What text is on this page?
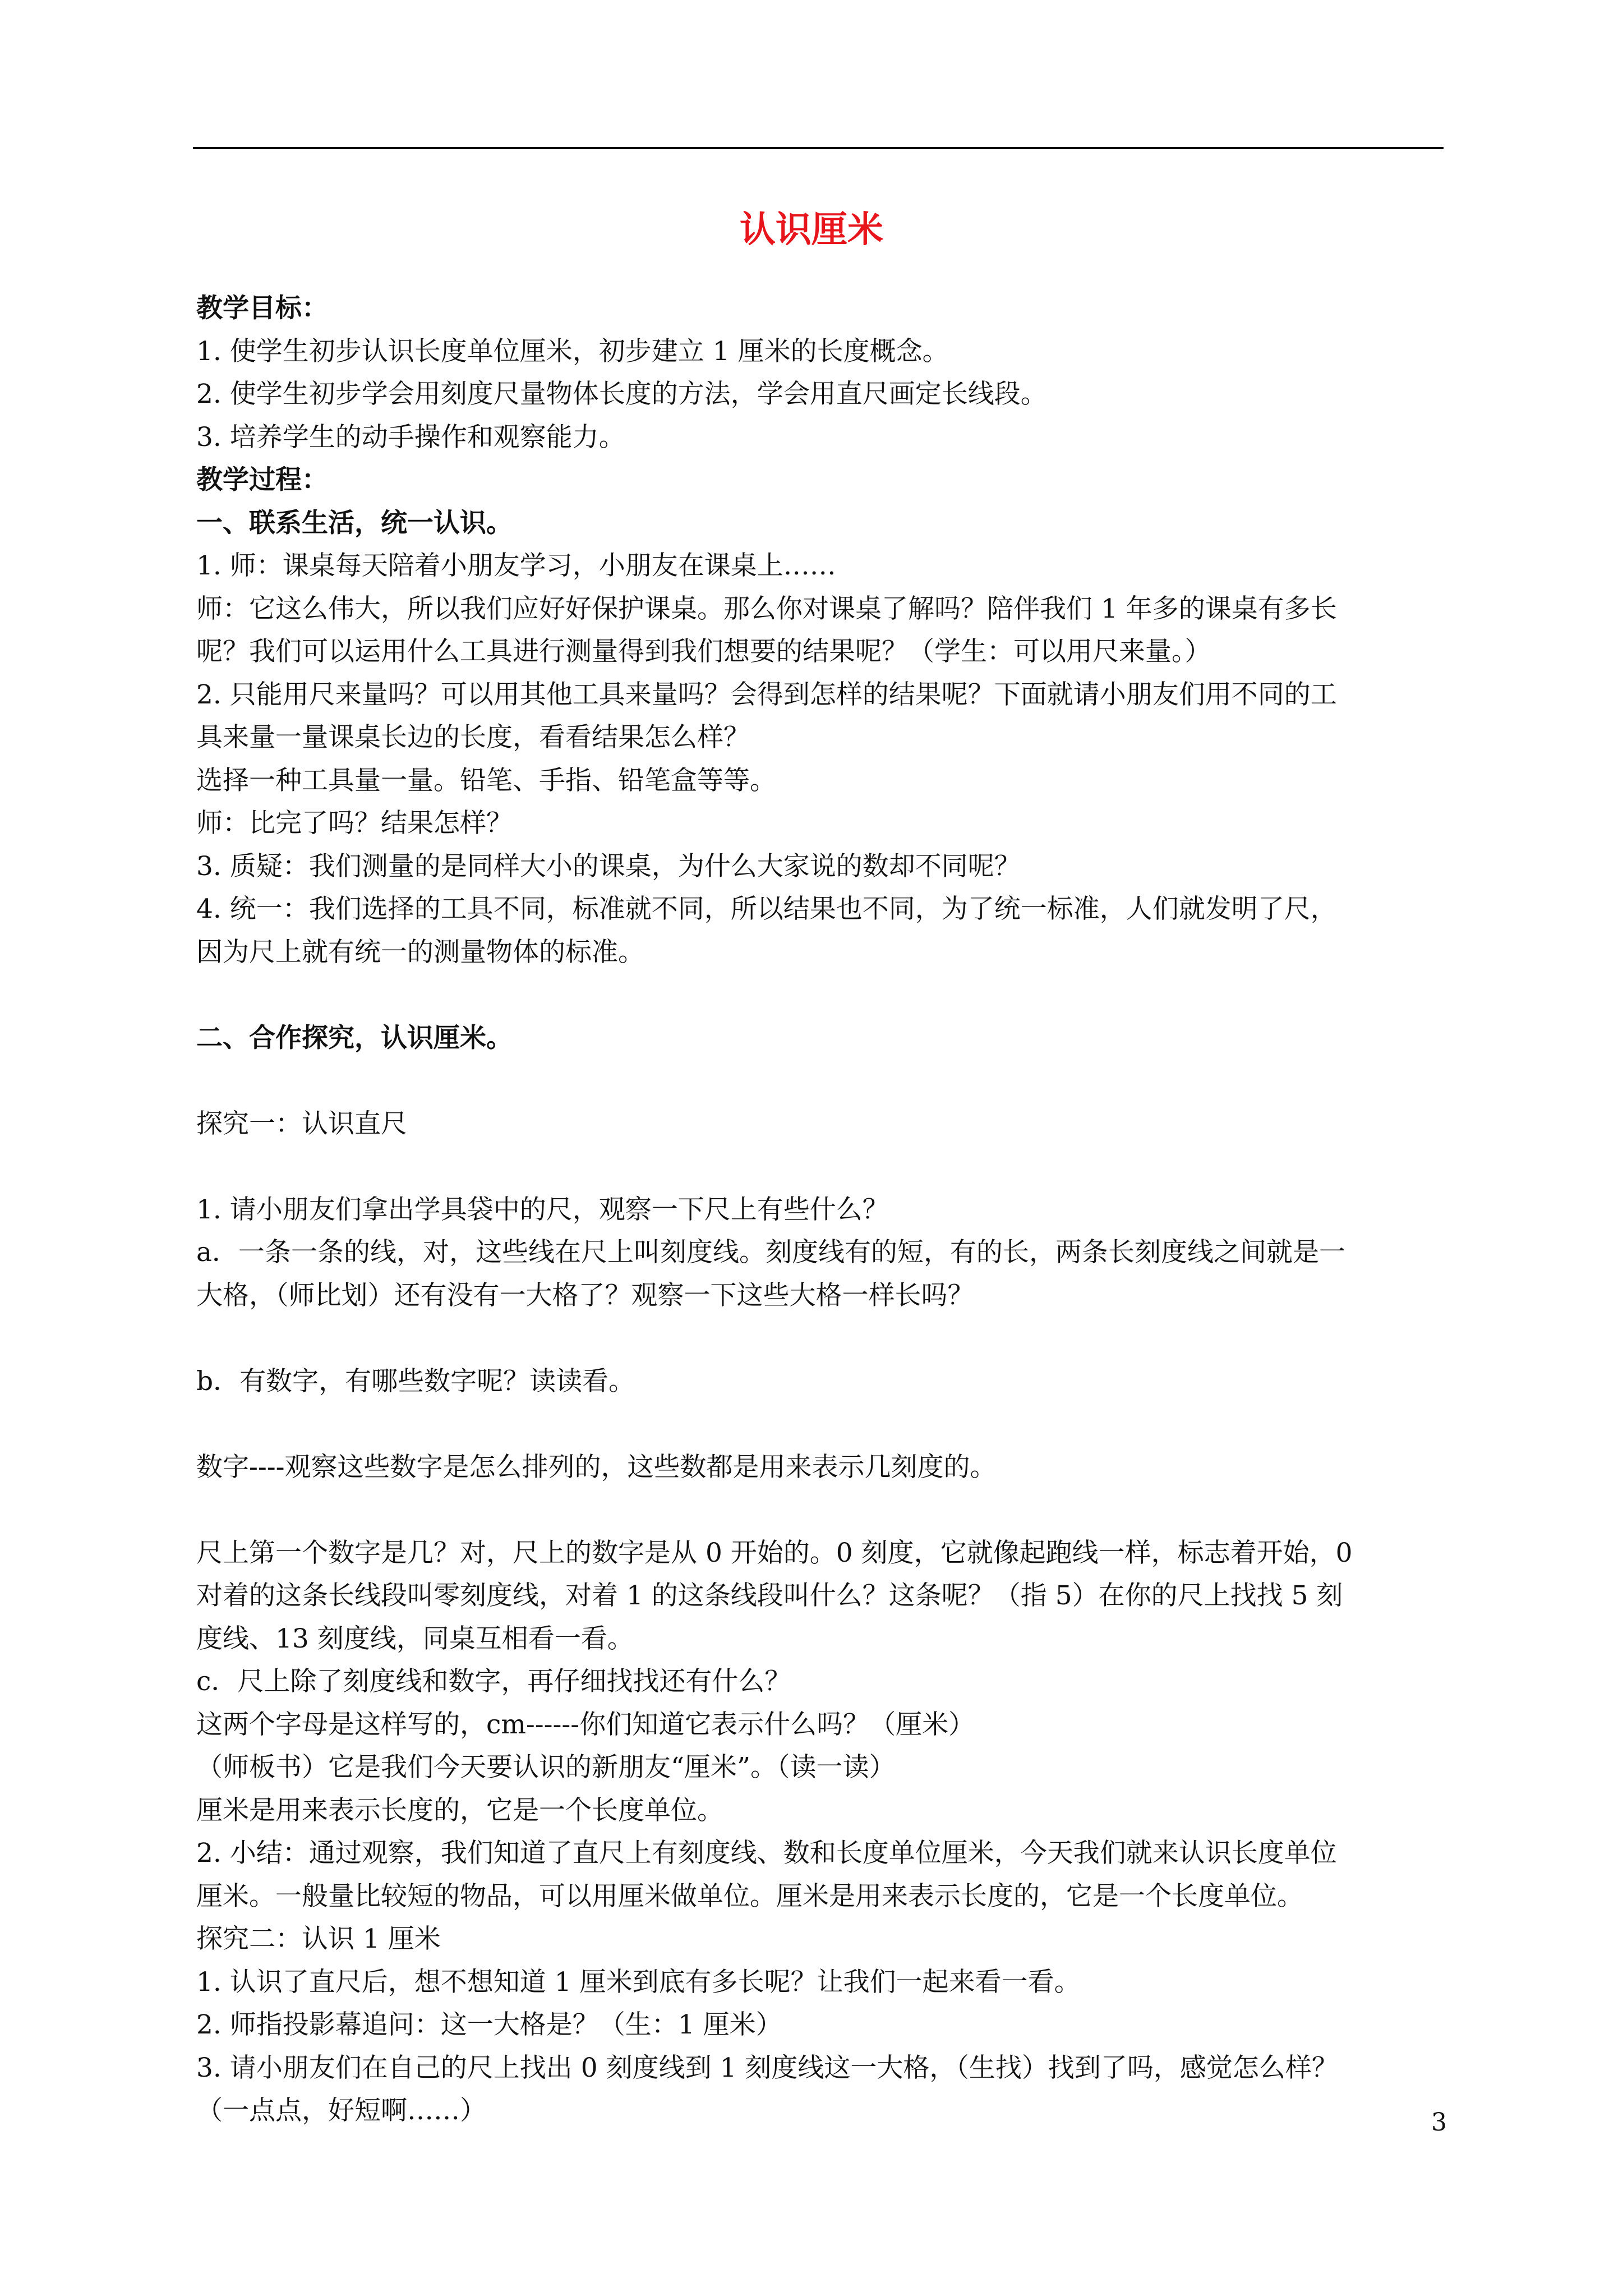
认识厘米

教学目标：

1. 使学生初步认识长度单位厘米，初步建立 1 厘米的长度概念。

2. 使学生初步学会用刻度尺量物体长度的方法，学会用直尺画定长线段。

3. 培养学生的动手操作和观察能力。

教学过程：

一、联系生活，统一认识。

1. 师：课桌每天陪着小朋友学习，小朋友在课桌上……

师：它这么伟大，所以我们应好好保护课桌。那么你对课桌了解吗？陪伴我们 1 年多的课桌有多长

呢？我们可以运用什么工具进行测量得到我们想要的结果呢？（学生：可以用尺来量。）

2. 只能用尺来量吗？可以用其他工具来量吗？会得到怎样的结果呢？下面就请小朋友们用不同的工

具来量一量课桌长边的长度，看看结果怎么样？

选择一种工具量一量。铅笔、手指、铅笔盒等等。

师：比完了吗？结果怎样？

3. 质疑：我们测量的是同样大小的课桌，为什么大家说的数却不同呢？

4. 统一：我们选择的工具不同，标准就不同，所以结果也不同，为了统一标准，人们就发明了尺，

因为尺上就有统一的测量物体的标准。

二、合作探究，认识厘米。

探究一：认识直尺

1. 请小朋友们拿出学具袋中的尺，观察一下尺上有些什么？

a．一条一条的线，对，这些线在尺上叫刻度线。刻度线有的短，有的长，两条长刻度线之间就是一

大格，（师比划）还有没有一大格了？观察一下这些大格一样长吗？

b．有数字，有哪些数字呢？读读看。

数字----观察这些数字是怎么排列的，这些数都是用来表示几刻度的。

尺上第一个数字是几？对，尺上的数字是从 0 开始的。0 刻度，它就像起跑线一样，标志着开始，0

对着的这条长线段叫零刻度线，对着 1 的这条线段叫什么？这条呢？（指 5）在你的尺上找找 5 刻

度线、13 刻度线，同桌互相看一看。

c．尺上除了刻度线和数字，再仔细找找还有什么？

这两个字母是这样写的，cm------你们知道它表示什么吗？（厘米）

（师板书）它是我们今天要认识的新朋友“厘米”。（读一读）

厘米是用来表示长度的，它是一个长度单位。

2. 小结：通过观察，我们知道了直尺上有刻度线、数和长度单位厘米，今天我们就来认识长度单位

厘米。一般量比较短的物品，可以用厘米做单位。厘米是用来表示长度的，它是一个长度单位。

探究二：认识 1 厘米

1. 认识了直尺后，想不想知道 1 厘米到底有多长呢？让我们一起来看一看。

2. 师指投影幕追问：这一大格是？（生：1 厘米）

3. 请小朋友们在自己的尺上找出 0 刻度线到 1 刻度线这一大格，（生找）找到了吗，感觉怎么样？

（一点点，好短啊……）	3
